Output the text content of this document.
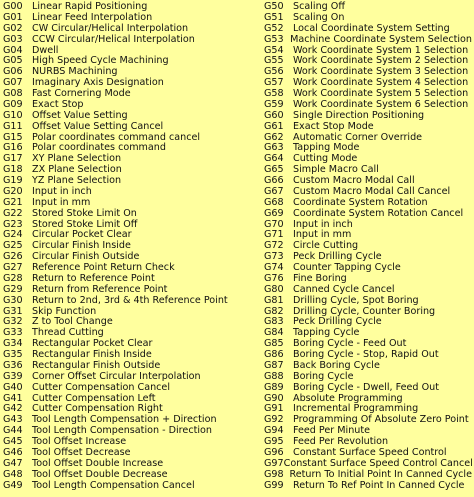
G00 Linear Rapid Positioning
G01 Linear Feed Interpolation
G02 CW Circular/Helical Interpolation
G03 CCW Circular/Helical Interpolation
G04 Dwell
G05 High Speed Cycle Machining
G06 NURBS Machining
G07 Imaginary Axis Designation
G08 Fast Cornering Mode
G09 Exact Stop
G10 Offset Value Setting
G11 Offset Value Setting Cancel
G15 Polar coordinates command cancel
G16 Polar coordinates command
G17 XY Plane Selection
G18 ZX Plane Selection
G19 YZ Plane Selection
G20 Input in inch
G21 Input in mm
G22 Stored Stoke Limit On
G23 Stored Stoke Limit Off
G24 Circular Pocket Clear
G25 Circular Finish Inside
G26 Circular Finish Outside
G27 Reference Point Return Check
G28 Return to Reference Point
G29 Return from Reference Point
G30 Return to 2nd, 3rd & 4th Reference Point
G31 Skip Function
G32 Z to Tool Change
G33 Thread Cutting
G34 Rectangular Pocket Clear
G35 Rectangular Finish Inside
G36 Rectangular Finish Outside
G39 Corner Offset Circular Interpolation
G40 Cutter Compensation Cancel
G41 Cutter Compensation Left
G42 Cutter Compensation Right
G43 Tool Length Compensation + Direction
G44 Tool Length Compensation - Direction
G45 Tool Offset Increase
G46 Tool Offset Decrease
G47 Tool Offset Double Increase
G48 Tool Offset Double Decrease
G49 Tool Length Compensation Cancel
G50 Scaling Off
G51 Scaling On
G52 Local Coordinate System Setting
G53 Machine Coordinate System Selection
G54 Work Coordinate System 1 Selection
G55 Work Coordinate System 2 Selection
G56 Work Coordinate System 3 Selection
G57 Work Coordinate System 4 Selection
G58 Work Coordinate System 5 Selection
G59 Work Coordinate System 6 Selection
G60 Single Direction Positioning
G61 Exact Stop Mode
G62 Automatic Corner Override
G63 Tapping Mode
G64 Cutting Mode
G65 Simple Macro Call
G66 Custom Macro Modal Call
G67 Custom Macro Modal Call Cancel
G68 Coordinate System Rotation
G69 Coordinate System Rotation Cancel
G70 Input in inch
G71 Input in mm
G72 Circle Cutting
G73 Peck Drilling Cycle
G74 Counter Tapping Cycle
G76 Fine Boring
G80 Canned Cycle Cancel
G81 Drilling Cycle, Spot Boring
G82 Drilling Cycle, Counter Boring
G83 Peck Drilling Cycle
G84 Tapping Cycle
G85 Boring Cycle - Feed Out
G86 Boring Cycle - Stop, Rapid Out
G87 Back Boring Cycle
G88 Boring Cycle
G89 Boring Cycle - Dwell, Feed Out
G90 Absolute Programming
G91 Incremental Programming
G92 Programming Of Absolute Zero Point
G94 Feed Per Minute
G95 Feed Per Revolution
G96 Constant Surface Speed Control
G97 Constant Surface Speed Control Cancel
G98 Return To Initial Point In Canned Cycle
G99 Return To Ref Point In Canned Cycle
